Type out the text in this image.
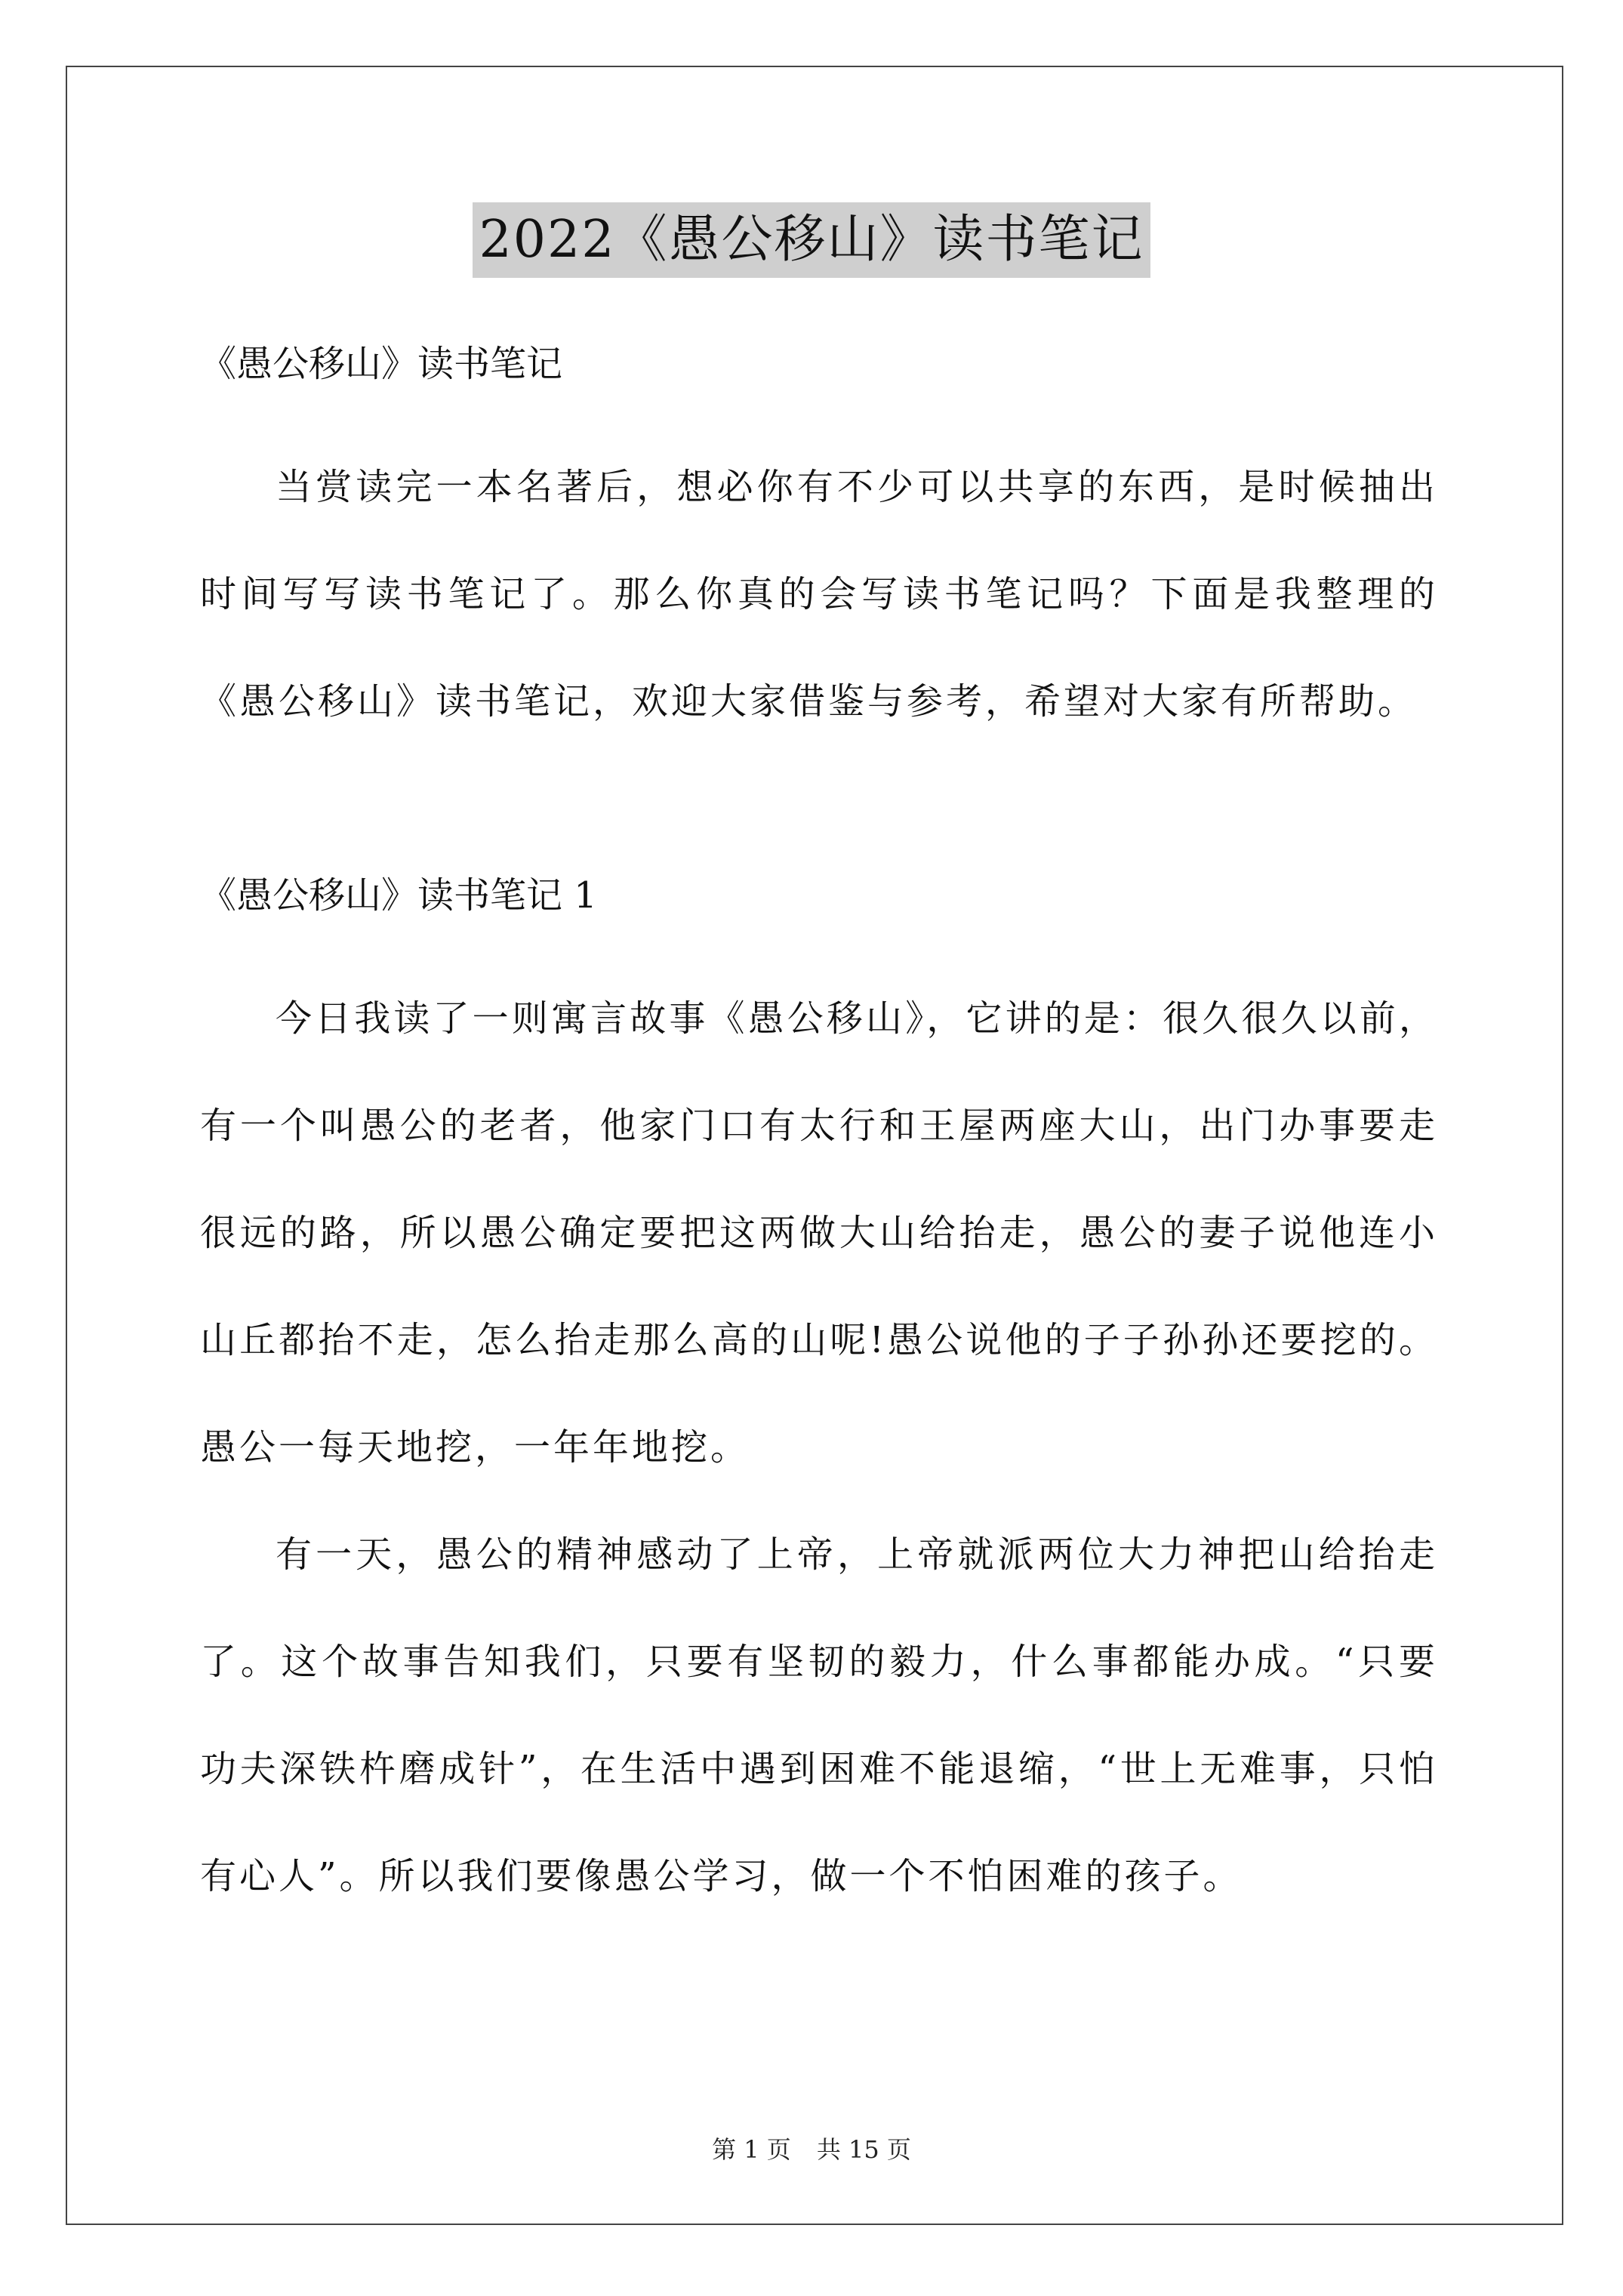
2022《愚公移山》读书笔记
《愚公移山》读书笔记

当赏读完一本名著后，想必你有不少可以共享的东西，是时候抽出时间写写读书笔记了。那么你真的会写读书笔记吗？下面是我整理的《愚公移山》读书笔记，欢迎大家借鉴与参考，希望对大家有所帮助。

《愚公移山》读书笔记 1

今日我读了一则寓言故事《愚公移山》，它讲的是：很久很久以前，有一个叫愚公的老者，他家门口有太行和王屋两座大山，出门办事要走很远的路，所以愚公确定要把这两做大山给抬走，愚公的妻子说他连小山丘都抬不走，怎么抬走那么高的山呢!愚公说他的子子孙孙还要挖的。愚公一每天地挖，一年年地挖。

有一天，愚公的精神感动了上帝，上帝就派两位大力神把山给抬走了。这个故事告知我们，只要有坚韧的毅力，什么事都能办成。“只要功夫深铁杵磨成针”，在生活中遇到困难不能退缩，“世上无难事，只怕有心人”。所以我们要像愚公学习，做一个不怕困难的孩子。

第 1 页 共 15 页
